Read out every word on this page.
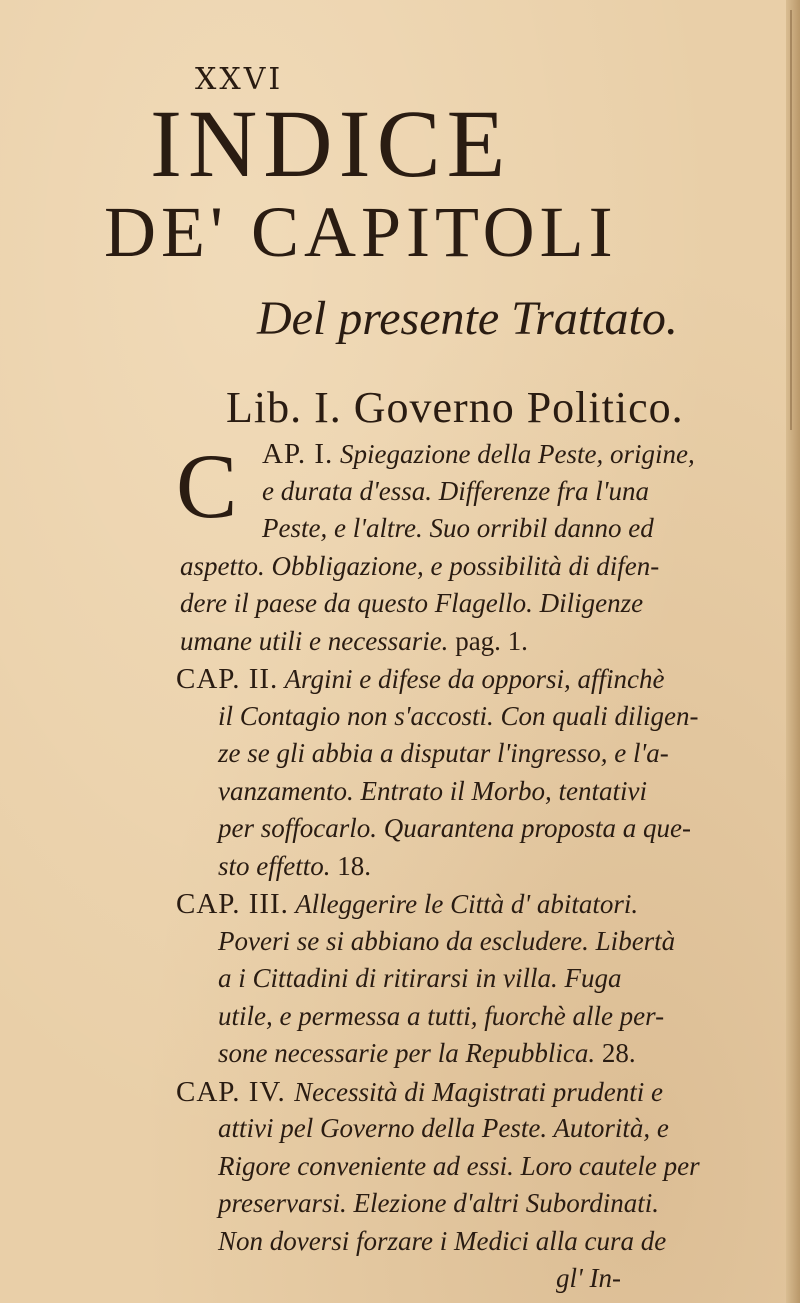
XXVI
INDICE
DE' CAPITOLI
Del presente Trattato.
Lib. I. Governo Politico.
C AP. I. Spiegazione della Peste, origine,
e durata d'essa. Differenze fra l'una
Peste, e l'altre. Suo orribil danno ed
aspetto. Obbligazione, e possibilità di difen-
dere il paese da questo Flagello. Diligenze
umane utili e necessarie. pag. 1.
CAP. II. Argini e difese da opporsi, affinchè
il Contagio non s'accosti. Con quali diligen-
ze se gli abbia a disputar l'ingresso, e l'a-
vanzamento. Entrato il Morbo, tentativi
per soffocarlo. Quarantena proposta a que-
sto effetto. 18.
CAP. III. Alleggerire le Città d' abitatori.
Poveri se si abbiano da escludere. Libertà
a i Cittadini di ritirarsi in villa. Fuga
utile, e permessa a tutti, fuorchè alle per-
sone necessarie per la Repubblica. 28.
CAP. IV. Necessità di Magistrati prudenti e
attivi pel Governo della Peste. Autorità, e
Rigore conveniente ad essi. Loro cautele per
preservarsi. Elezione d'altri Subordinati.
Non doversi forzare i Medici alla cura de
gl' In-
